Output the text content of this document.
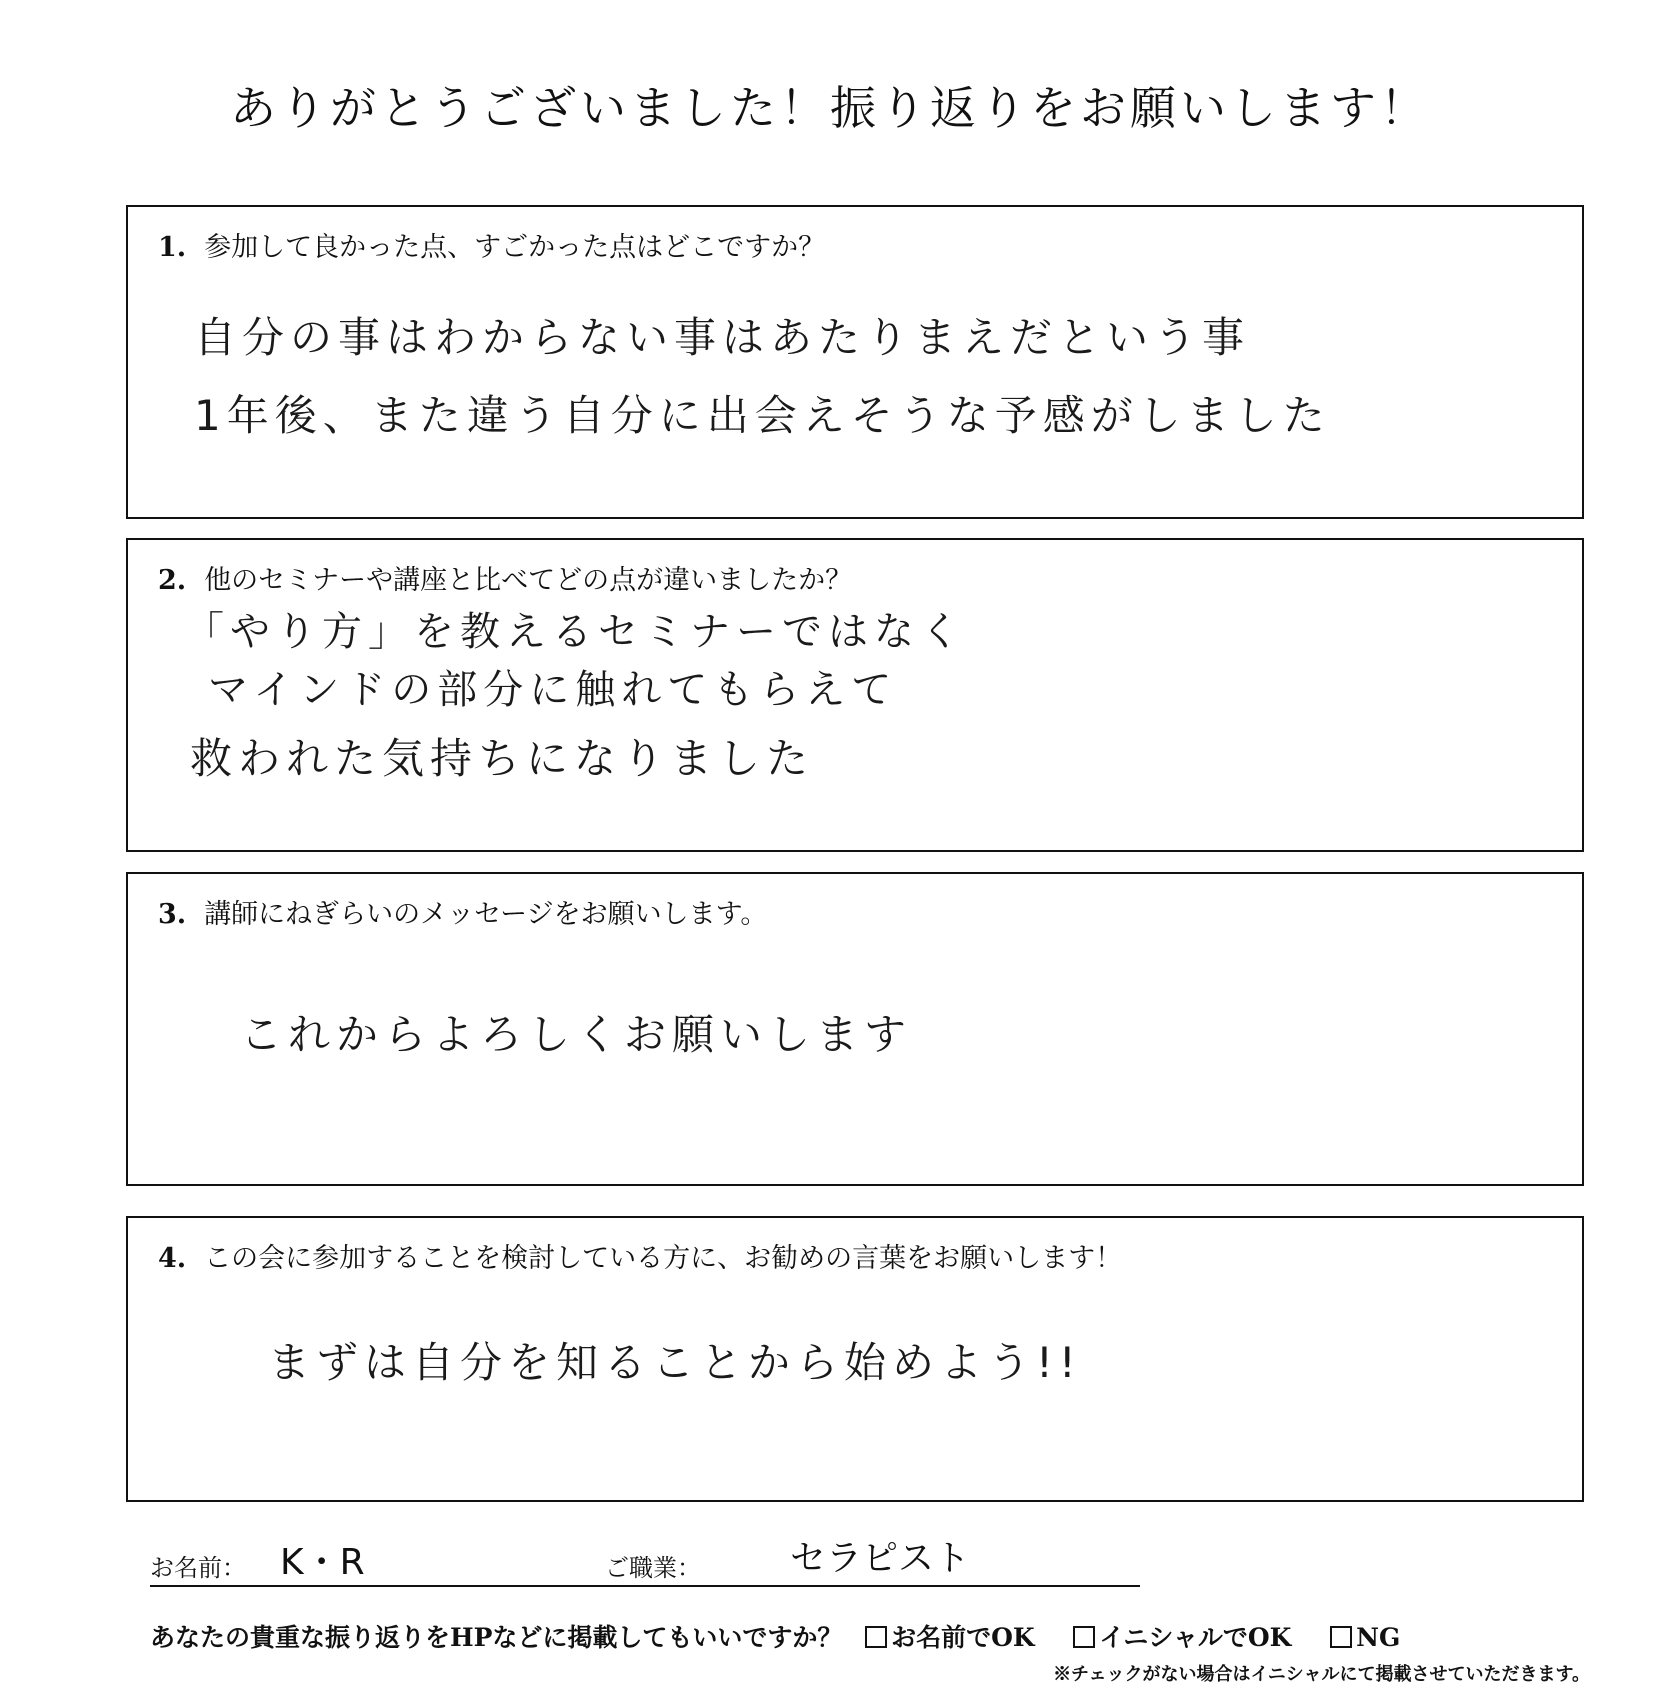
ありがとうございました！振り返りをお願いします！
1. 参加して良かった点、すごかった点はどこですか？
自分の事はわからない事はあたりまえだという事
1年後、また違う自分に出会えそうな予感がしました
2. 他のセミナーや講座と比べてどの点が違いましたか？
「やり方」を教えるセミナーではなく
マインドの部分に触れてもらえて
救われた気持ちになりました
3. 講師にねぎらいのメッセージをお願いします。
これからよろしくお願いします
4. この会に参加することを検討している方に、お勧めの言葉をお願いします！
まずは自分を知ることから始めよう!!
お名前： K・R	ご職業： セラピスト
あなたの貴重な振り返りをHPなどに掲載してもいいですか？ お名前でOK	イニシャルでOK	NG
※チェックがない場合はイニシャルにて掲載させていただきます。
